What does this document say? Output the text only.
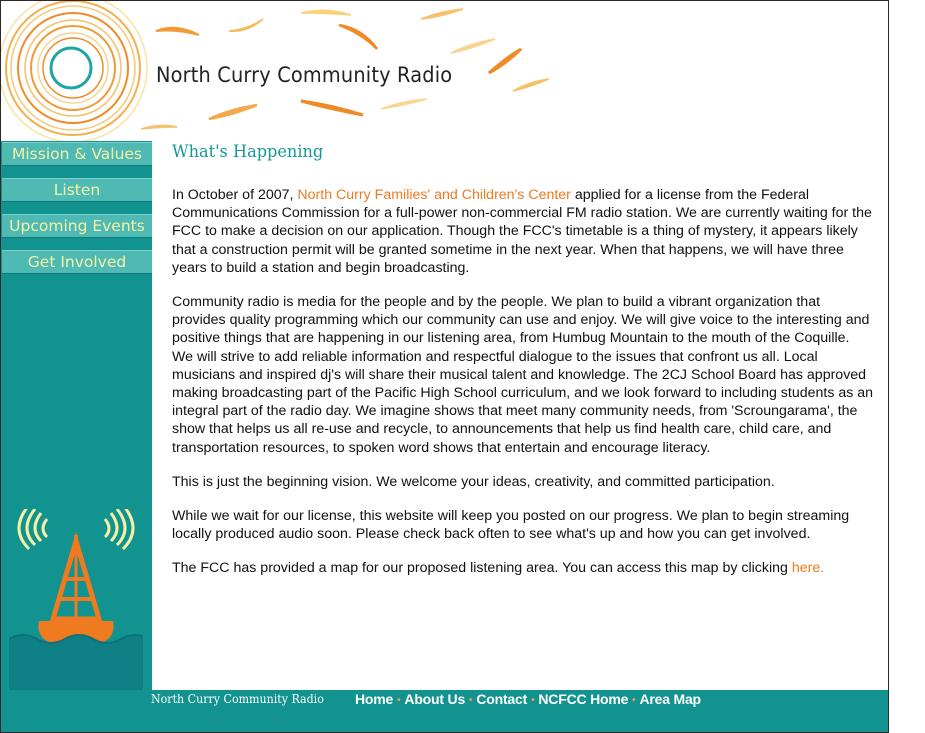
North Curry Community Radio
Mission & Values
Listen
Upcoming Events
Get Involved
What's Happening

In October of 2007, North Curry Families' and Children's Center applied for a license from the Federal Communications Commission for a full-power non-commercial FM radio station. We are currently waiting for the FCC to make a decision on our application. Though the FCC's timetable is a thing of mystery, it appears likely that a construction permit will be granted sometime in the next year. When that happens, we will have three years to build a station and begin broadcasting.

Community radio is media for the people and by the people. We plan to build a vibrant organization that provides quality programming which our community can use and enjoy. We will give voice to the interesting and positive things that are happening in our listening area, from Humbug Mountain to the mouth of the Coquille. We will strive to add reliable information and respectful dialogue to the issues that confront us all. Local musicians and inspired dj's will share their musical talent and knowledge. The 2CJ School Board has approved making broadcasting part of the Pacific High School curriculum, and we look forward to including students as an integral part of the radio day. We imagine shows that meet many community needs, from 'Scroungarama', the show that helps us all re-use and recycle, to announcements that help us find health care, child care, and transportation resources, to spoken word shows that entertain and encourage literacy.

This is just the beginning vision. We welcome your ideas, creativity, and committed participation.

While we wait for our license, this website will keep you posted on our progress. We plan to begin streaming locally produced audio soon. Please check back often to see what's up and how you can get involved.

The FCC has provided a map for our proposed listening area. You can access this map by clicking here.

North Curry Community Radio Home • About Us • Contact • NCFCC Home • Area Map
